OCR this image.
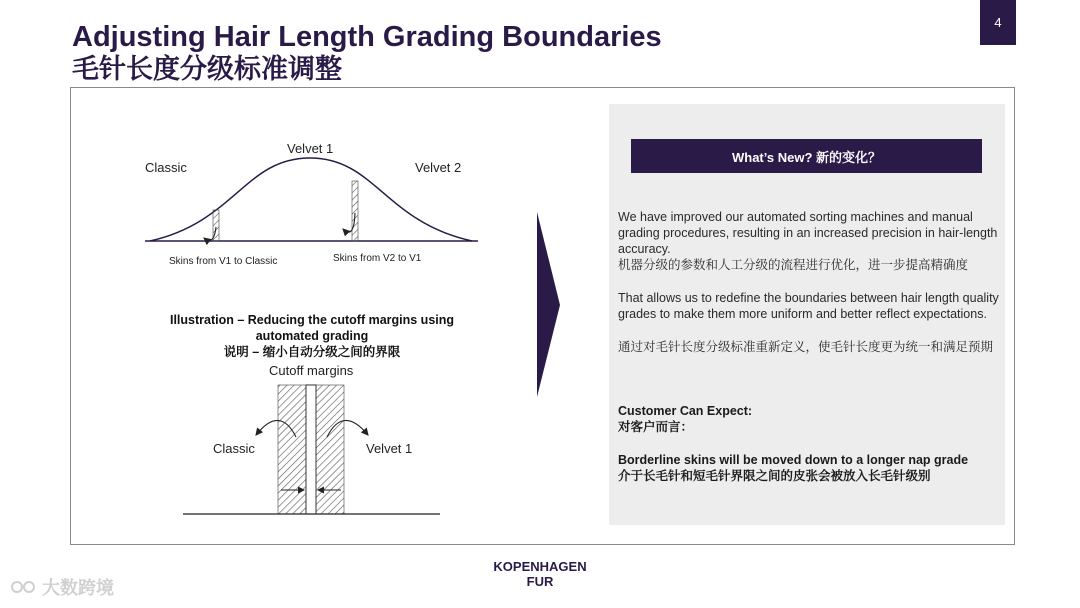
Adjusting Hair Length Grading Boundaries
毛针长度分级标准调整
4
Classic
Velvet 1
Velvet 2
Skins from V1 to Classic	Skins from V2 to V1
Illustration – Reducing the cutoff margins using
automated grading
说明 – 缩小自动分级之间的界限
Cutoff margins
Classic	Velvet 1
What’s New? 新的变化？

We have improved our automated sorting machines and manual grading procedures, resulting in an increased precision in hair-length accuracy.

机器分级的参数和人工分级的流程进行优化，进一步提高精确度

That allows us to redefine the boundaries between hair length quality grades to make them more uniform and better reflect expectations.

通过对毛针长度分级标准重新定义，使毛针长度更为统一和满足预期

Customer Can Expect:

对客户而言：

Borderline skins will be moved down to a longer nap grade

介于长毛针和短毛针界限之间的皮张会被放入长毛针级别

KOPENHAGEN
FUR
大数跨境
